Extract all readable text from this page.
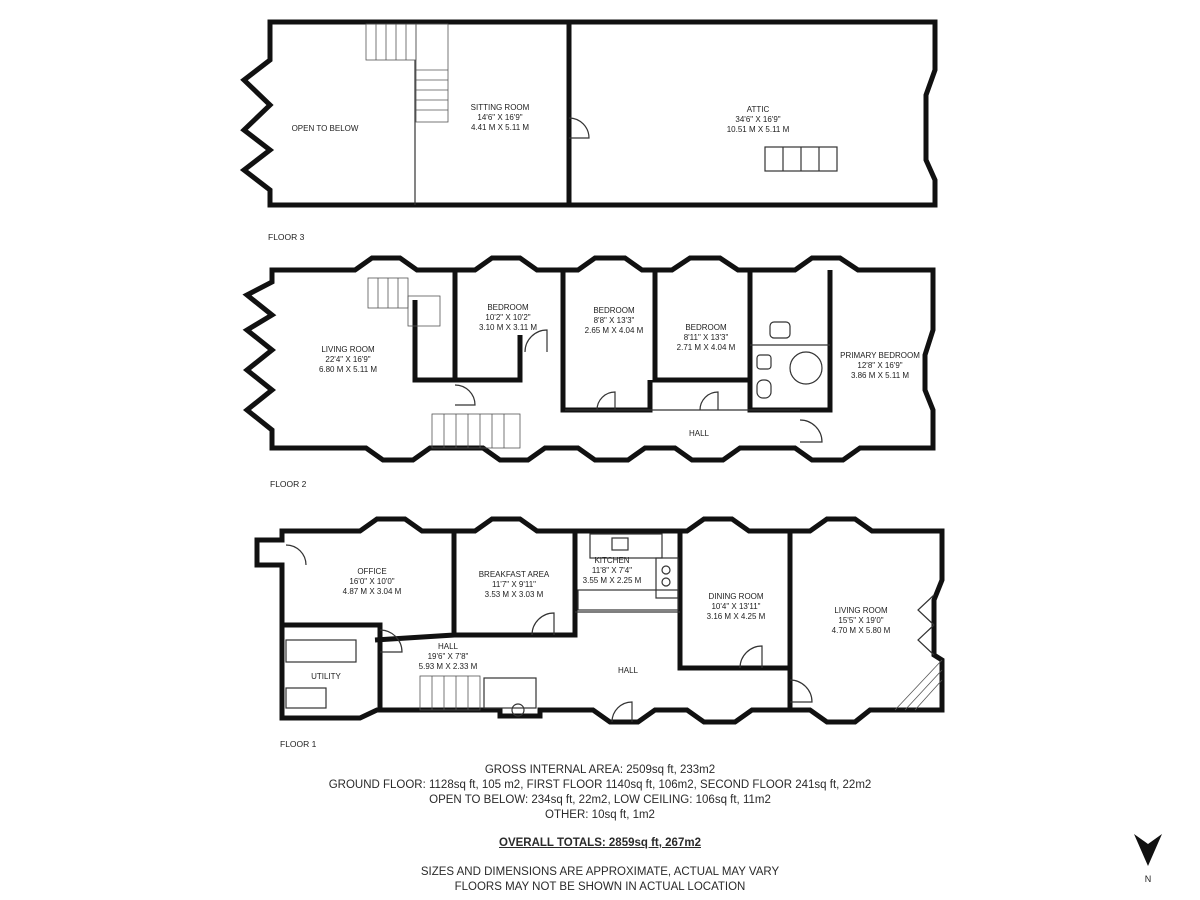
OPEN TO BELOW
SITTING ROOM
14'6" X 16'9"
4.41 M X 5.11 M
ATTIC
34'6" X 16'9"
10.51 M X 5.11 M
FLOOR 3
LIVING ROOM
22'4" X 16'9"
6.80 M X 5.11 M
BEDROOM
10'2" X 10'2"
3.10 M X 3.11 M
BEDROOM
8'8" X 13'3"
2.65 M X 4.04 M	BEDROOM
8'11" X 13'3"
2.71 M X 4.04 M
PRIMARY BEDROOM
12'8" X 16'9"
3.86 M X 5.11 M
HALL
FLOOR 2
OFFICE
16'0" X 10'0"
4.87 M X 3.04 M
BREAKFAST AREA
11'7" X 9'11"
3.53 M X 3.03 M
KITCHEN
11'8" X 7'4"
3.55 M X 2.25 M
DINING ROOM
10'4" X 13'11"
3.16 M X 4.25 M
LIVING ROOM
15'5" X 19'0"
4.70 M X 5.80 M
HALL
19'6" X 7'8"
5.93 M X 2.33 M
UTILITY
HALL
FLOOR 1
GROSS INTERNAL AREA: 2509sq ft, 233m2
GROUND FLOOR: 1128sq ft, 105 m2, FIRST FLOOR 1140sq ft, 106m2, SECOND FLOOR 241sq ft, 22m2
OPEN TO BELOW: 234sq ft, 22m2, LOW CEILING: 106sq ft, 11m2
OTHER: 10sq ft, 1m2
OVERALL TOTALS: 2859sq ft, 267m2
SIZES AND DIMENSIONS ARE APPROXIMATE, ACTUAL MAY VARY
FLOORS MAY NOT BE SHOWN IN ACTUAL LOCATION
N
